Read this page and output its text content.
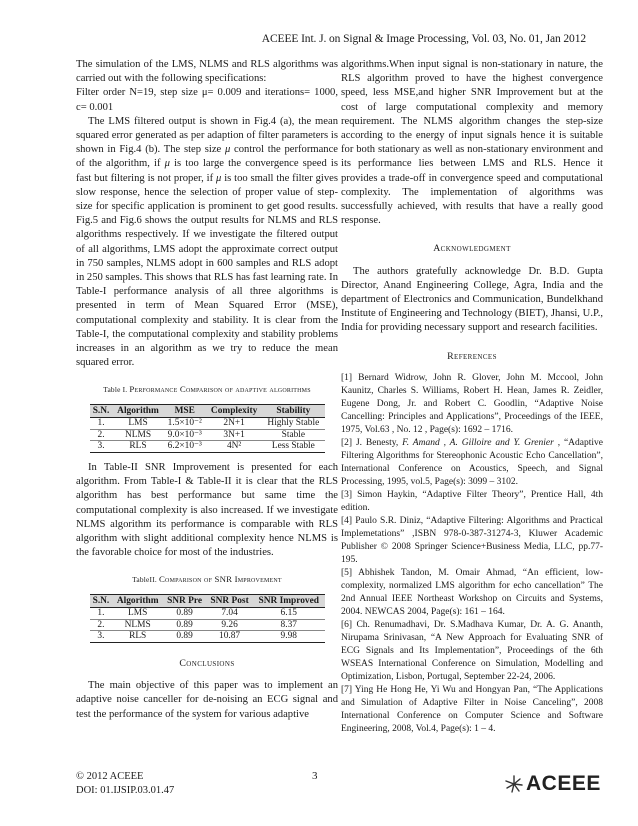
ACEEE Int. J. on Signal & Image Processing, Vol. 03, No. 01, Jan 2012

The simulation of the LMS, NLMS and RLS algorithms was carried out with the following specifications:

Filter order N=19, step size μ= 0.009 and iterations= 1000, c= 0.001

The LMS filtered output is shown in Fig.4 (a), the mean squared error generated as per adaption of filter parameters is shown in Fig.4 (b). The step size μ control the performance of the algorithm, if μ is too large the convergence speed is fast but filtering is not proper, if μ is too small the filter gives slow response, hence the selection of proper value of step-size for specific application is prominent to get good results. Fig.5 and Fig.6 shows the output results for NLMS and RLS algorithms respectively. If we investigate the filtered output of all algorithms, LMS adopt the approximate correct output in 750 samples, NLMS adopt in 600 samples and RLS adopt in 250 samples. This shows that RLS has fast learning rate. In Table-I performance analysis of all three algorithms is presented in term of Mean Squared Error (MSE), computational complexity and stability. It is clear from the Table-I, the computational complexity and stability problems increases in an algorithm as we try to reduce the mean squared error.

Table I. Performance Comparison of adaptive algorithms
S.N.	Algorithm	MSE	Complexity	Stability
1.	LMS	1.5×10⁻²	2N+1	Highly Stable
2.	NLMS	9.0×10⁻³	3N+1	Stable
3.	RLS	6.2×10⁻³	4N²	Less Stable

In Table-II SNR Improvement is presented for each algorithm. From Table-I & Table-II it is clear that the RLS algorithm has best performance but same time the computational complexity is also increased. If we investigate NLMS algorithm its performance is comparable with RLS algorithm with slight additional complexity hence NLMS is the favorable choice for most of the industries.

TableII. Comparison of SNR Improvement
S.N.	Algorithm	SNR Pre	SNR Post	SNR Improved
1.	LMS	0.89	7.04	6.15
2.	NLMS	0.89	9.26	8.37
3.	RLS	0.89	10.87	9.98
Conclusions

The main objective of this paper was to implement an adaptive noise canceller for de-noising an ECG signal and test the performance of the system for various adaptive

algorithms.When input signal is non-stationary in nature, the RLS algorithm proved to have the highest convergence speed, less MSE,and higher SNR Improvement but at the cost of large computational complexity and memory requirement. The NLMS algorithm changes the step-size according to the energy of input signals hence it is suitable for both stationary as well as non-stationary environment and its performance lies between LMS and RLS. Hence it provides a trade-off in convergence speed and computational complexity. The implementation of algorithms was successfully achieved, with results that have a really good response.

Acknowledgment

The authors gratefully acknowledge Dr. B.D. Gupta Director, Anand Engineering College, Agra, India and the department of Electronics and Communication, Bundelkhand Institute of Engineering and Technology (BIET), Jhansi, U.P., India for providing necessary support and research facilities.

References

[1] Bernard Widrow, John R. Glover, John M. Mccool, John Kaunitz, Charles S. Williams, Robert H. Hean, James R. Zeidler, Eugene Dong, Jr. and Robert C. Goodlin, “Adaptive Noise Cancelling: Principles and Applications”, Proceedings of the IEEE, 1975, Vol.63 , No. 12 , Page(s): 1692 – 1716.

[2] J. Benesty, F. Amand , A. Gilloire and Y. Grenier , “Adaptive Filtering Algorithms for Stereophonic Acoustic Echo Cancellation”, International Conference on Acoustics, Speech, and Signal Processing, 1995, vol.5, Page(s): 3099 – 3102.

[3] Simon Haykin, “Adaptive Filter Theory”, Prentice Hall, 4th edition.

[4] Paulo S.R. Diniz, “Adaptive Filtering: Algorithms and Practical Implemetations” ,ISBN 978-0-387-31274-3, Kluwer Academic Publisher © 2008 Springer Science+Business Media, LLC, pp.77-195.

[5] Abhishek Tandon, M. Omair Ahmad, “An efficient, low-complexity, normalized LMS algorithm for echo cancellation” The 2nd Annual IEEE Northeast Workshop on Circuits and Systems, 2004. NEWCAS 2004, Page(s): 161 – 164.

[6] Ch. Renumadhavi, Dr. S.Madhava Kumar, Dr. A. G. Ananth, Nirupama Srinivasan, “A New Approach for Evaluating SNR of ECG Signals and Its Implementation”, Proceedings of the 6th WSEAS International Conference on Simulation, Modelling and Optimization, Lisbon, Portugal, September 22-24, 2006.

[7] Ying He Hong He, Yi Wu and Hongyan Pan, “The Applications and Simulation of Adaptive Filter in Noise Canceling”, 2008 International Conference on Computer Science and Software Engineering, 2008, Vol.4, Page(s): 1 – 4.

© 2012 ACEEE
DOI: 01.IJSIP.03.01.47
3	ACEEE
